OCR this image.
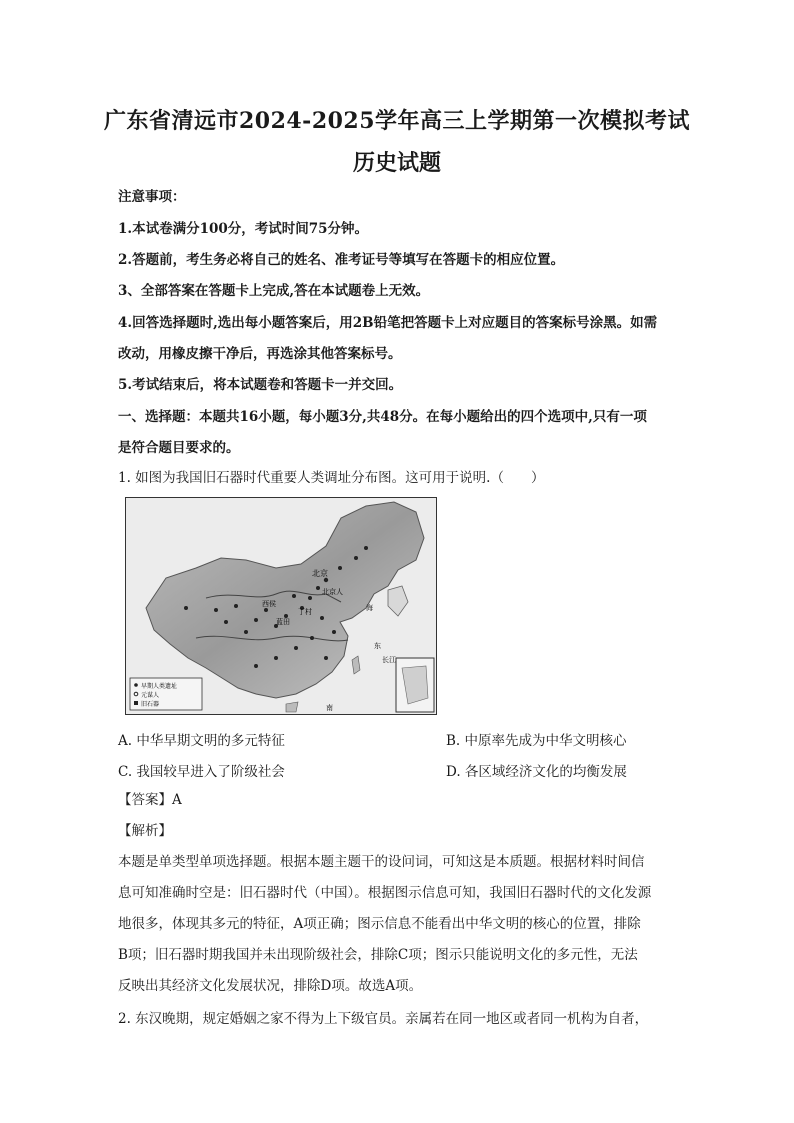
广东省清远市2024-2025学年高三上学期第一次模拟考试
历史试题
注意事项：
1.本试卷满分100分，考试时间75分钟。
2.答题前，考生务必将自己的姓名、准考证号等填写在答题卡的相应位置。
3、全部答案在答题卡上完成,答在本试题卷上无效。
4.回答选择题时,选出每小题答案后，用2B铅笔把答题卡上对应题目的答案标号涂黑。如需
改动，用橡皮擦干净后，再选涂其他答案标号。
5.考试结束后，将本试题卷和答题卡一并交回。
一、选择题：本题共16小题，每小题3分,共48分。在每小题给出的四个选项中,只有一项
是符合题目要求的。
1. 如图为我国旧石器时代重要人类调址分布图。这可用于说明.（　　）
北京
西侯
丁村
蓝田
北京人
海
东
长江
南
早期人类遗址
元谋人
旧石器
A. 中华早期文明的多元特征	B. 中原率先成为中华文明核心
C. 我国较早进入了阶级社会	D. 各区域经济文化的均衡发展
【答案】A
【解析】
本题是单类型单项选择题。根据本题主题干的设问词，可知这是本质题。根据材料时间信
息可知准确时空是：旧石器时代（中国）。根据图示信息可知，我国旧石器时代的文化发源
地很多，体现其多元的特征，A项正确；图示信息不能看出中华文明的核心的位置，排除
B项；旧石器时期我国并未出现阶级社会，排除C项；图示只能说明文化的多元性，无法
反映出其经济文化发展状况，排除D项。故选A项。
2. 东汉晚期，规定婚姻之家不得为上下级官员。亲属若在同一地区或者同一机构为自者，
